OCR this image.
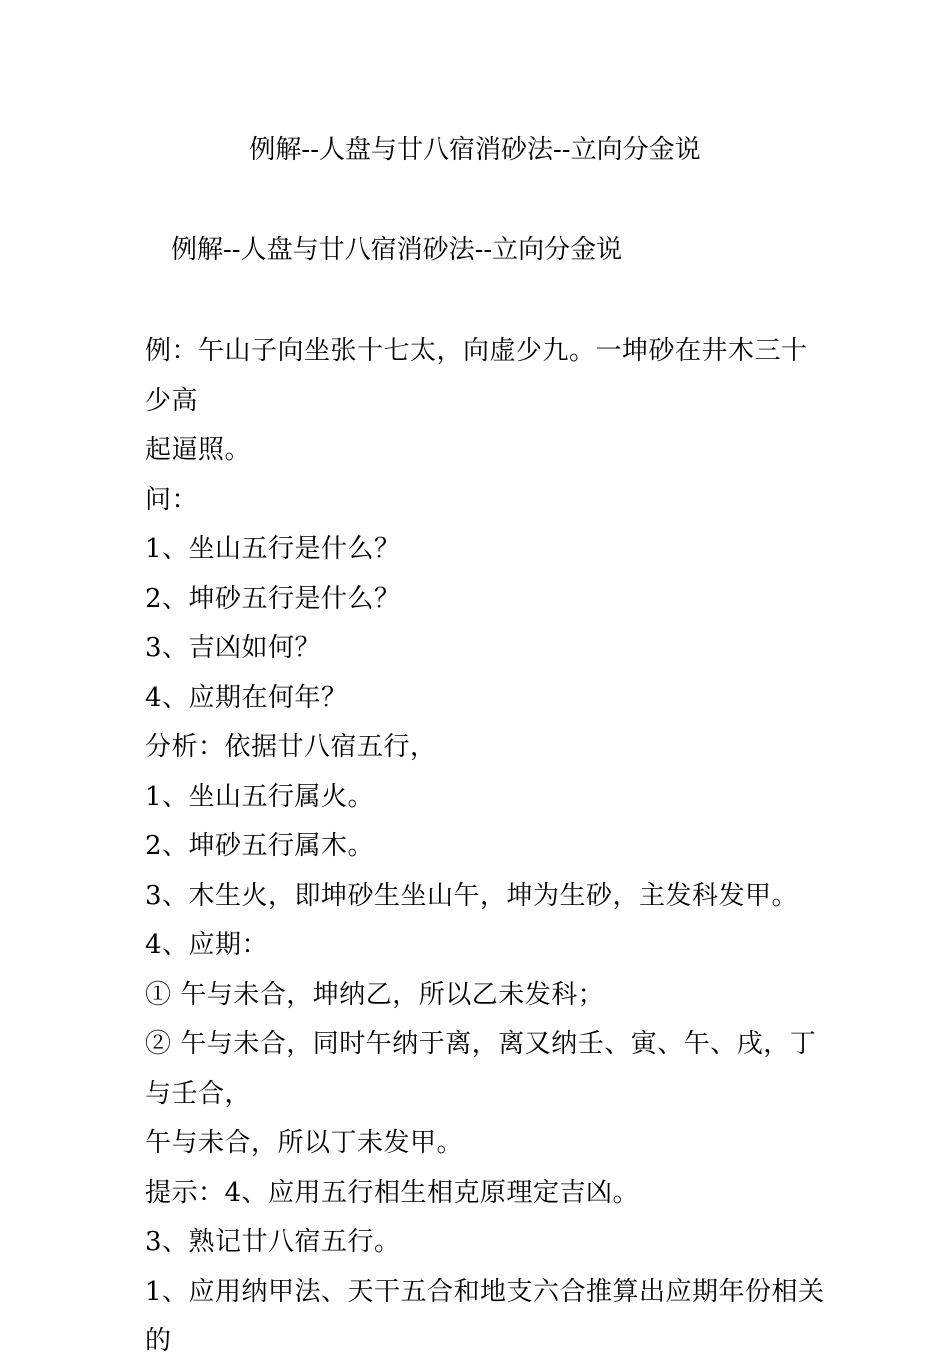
例解--人盘与廿八宿消砂法--立向分金说
例解--人盘与廿八宿消砂法--立向分金说

例：午山子向坐张十七太，向虚少九。一坤砂在井木三十少高

起逼照。

问：

1、坐山五行是什么？

2、坤砂五行是什么？

3、吉凶如何？

4、应期在何年？

分析：依据廿八宿五行，

1、坐山五行属火。

2、坤砂五行属木。

3、木生火，即坤砂生坐山午，坤为生砂，主发科发甲。

4、应期：

① 午与未合，坤纳乙，所以乙未发科；

② 午与未合，同时午纳于离，离又纳壬、寅、午、戌，丁与壬合，

午与未合，所以丁未发甲。

提示：4、应用五行相生相克原理定吉凶。

3、熟记廿八宿五行。

1、应用纳甲法、天干五合和地支六合推算出应期年份相关的
